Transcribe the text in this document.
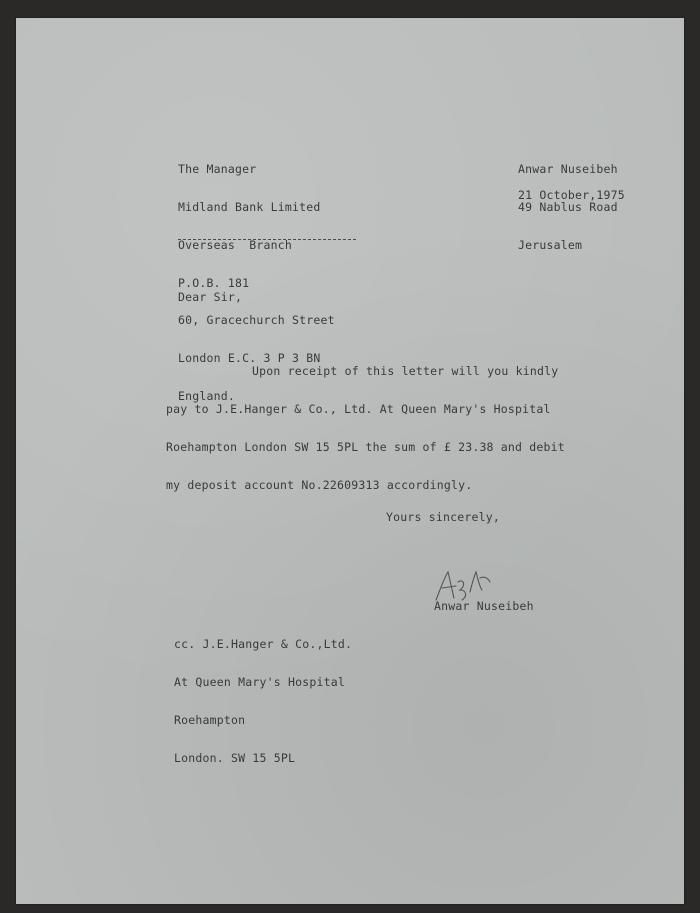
The Manager

Midland Bank Limited

Overseas  Branch

P.O.B. 181

60, Gracechurch Street

London E.C. 3 P 3 BN

England.

Anwar Nuseibeh

49 Nablus Road

Jerusalem

21 October,1975
Dear Sir,

Upon receipt of this letter will you kindly

pay to J.E.Hanger & Co., Ltd. At Queen Mary's Hospital

Roehampton London SW 15 5PL the sum of £ 23.38 and debit

my deposit account No.22609313 accordingly.

Yours sincerely,
Anwar Nuseibeh

cc. J.E.Hanger & Co.,Ltd.

At Queen Mary's Hospital

Roehampton

London. SW 15 5PL
